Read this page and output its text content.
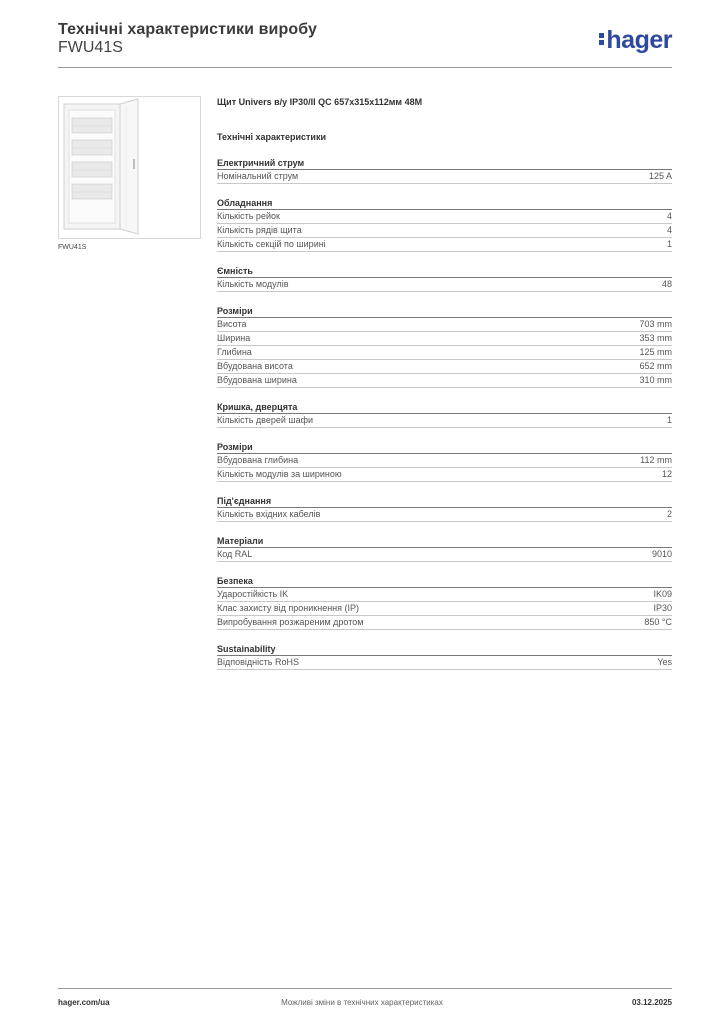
Технічні характеристики виробу
FWU41S	hager
FWU41S
Щит Univers в/у IP30/II QC 657x315x112мм 48M
Технічні характеристики
Електричний струм
Номінальний струм	125 A
Обладнання
Кількість рейок	4
Кількість рядів щита	4
Кількість секцій по ширині	1
Ємність
Кількість модулів	48
Розміри
Висота	703 mm
Ширина	353 mm
Глибина	125 mm
Вбудована висота	652 mm
Вбудована ширина	310 mm
Кришка, дверцята
Кількість дверей шафи	1
Розміри
Вбудована глибина	112 mm
Кількість модулів за шириною	12
Під'єднання
Кількість вхідних кабелів	2
Матеріали
Код RAL	9010
Безпека
Ударостійкість IK	IK09
Клас захисту від проникнення (IP)	IP30
Випробування розжареним дротом	850 °C
Sustainability
Відповідність RoHS	Yes
hager.com/ua	Можливі зміни в технічних характеристиках	03.12.2025
